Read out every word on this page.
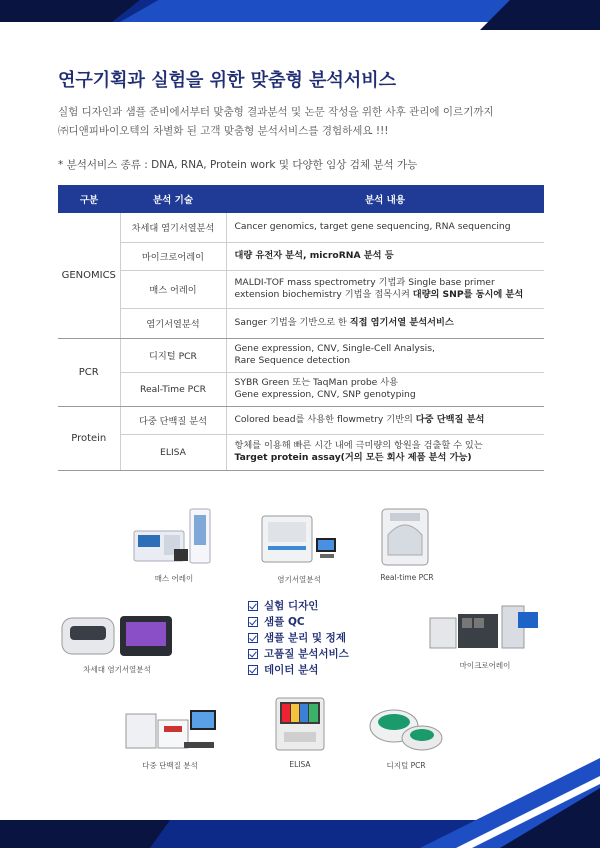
연구기획과 실험을 위한 맞춤형 분석서비스
실험 디자인과 샘플 준비에서부터 맞춤형 결과분석 및 논문 작성을 위한 사후 관리에 이르기까지
㈜디앤피바이오텍의 차별화 된 고객 맞춤형 분석서비스를 경험하세요 !!!
* 분석서비스 종류 : DNA, RNA, Protein work 및 다양한 임상 검체 분석 가능
구분	분석 기술	분석 내용
GENOMICS	차세대 염기서열분석	Cancer genomics, target gene sequencing, RNA sequencing
	마이크로어레이	대량 유전자 분석, microRNA 분석 등
	매스 어레이	MALDI-TOF mass spectrometry 기법과 Single base primer
extension biochemistry 기법을 접목시켜 대량의 SNP를 동시에 분석

	염기서열분석	Sanger 기법을 기반으로 한 직접 염기서열 분석서비스
PCR	디지털 PCR	Gene expression, CNV, Single-Cell Analysis,
Rare Sequence detection

	Real-Time PCR	SYBR Green 또는 TaqMan probe 사용
Gene expression, CNV, SNP genotyping

Protein	다중 단백질 분석	Colored bead를 사용한 flowmetry 기반의 다중 단백질 분석
	ELISA	항체를 이용해 빠른 시간 내에 극미량의 항원을 검출할 수 있는
Target protein assay(거의 모든 회사 제품 분석 가능)
매스 어레이	염기서열분석	Real-time PCR
차세대 염기서열분석
실험 디자인
샘플 QC
샘플 분리 및 정제
고품질 분석서비스
데이터 분석	마이크로어레이
다중 단백질 분석	ELISA	디지털 PCR
